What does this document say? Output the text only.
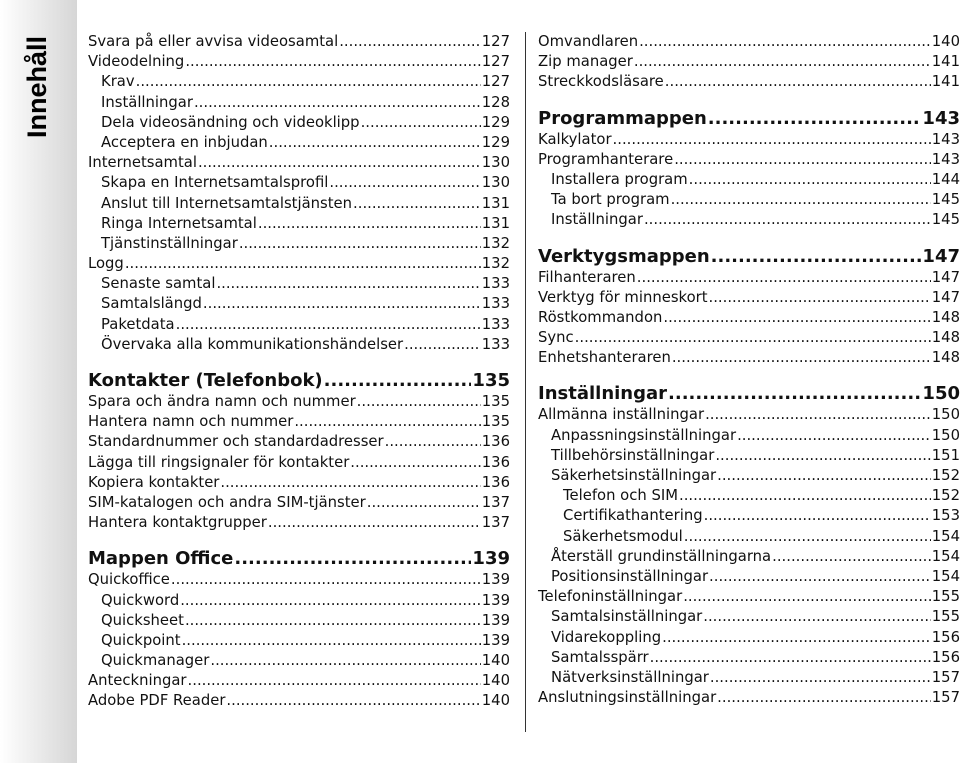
Innehåll Svara på eller avvisa videosamtal .....	127
Videodelning .....	127
Krav .....	127
Inställningar .....	128
Dela videosändning och videoklipp .....	129
Acceptera en inbjudan .....	129
Internetsamtal .....	130
Skapa en Internetsamtalsprofil .....	130
Anslut till Internetsamtalstjänsten .....	131
Ringa Internetsamtal .....	131
Tjänstinställningar .....	132
Logg .....	132
Senaste samtal .....	133
Samtalslängd .....	133
Paketdata .....	133
Övervaka alla kommunikationshändelser .....	133
Kontakter (Telefonbok) .....	135
Spara och ändra namn och nummer .....	135
Hantera namn och nummer .....	135
Standardnummer och standardadresser .....	136
Lägga till ringsignaler för kontakter .....	136
Kopiera kontakter .....	136
SIM-katalogen och andra SIM-tjänster .....	137
Hantera kontaktgrupper .....	137
Mappen Office .....	139
Quickoffice .....	139
Quickword .....	139
Quicksheet .....	139
Quickpoint .....	139
Quickmanager .....	140
Anteckningar .....	140
Adobe PDF Reader .....	140
Omvandlaren .....	140
Zip manager .....	141
Streckkodsläsare .....	141
Programmappen .....	143
Kalkylator .....	143
Programhanterare .....	143
Installera program .....	144
Ta bort program .....	145
Inställningar .....	145
Verktygsmappen .....	147
Filhanteraren .....	147
Verktyg för minneskort .....	147
Röstkommandon .....	148
Sync .....	148
Enhetshanteraren .....	148
Inställningar .....	150
Allmänna inställningar .....	150
Anpassningsinställningar .....	150
Tillbehörsinställningar .....	151
Säkerhetsinställningar .....	152
Telefon och SIM .....	152
Certifikathantering .....	153
Säkerhetsmodul .....	154
Återställ grundinställningarna .....	154
Positionsinställningar .....	154
Telefoninställningar .....	155
Samtalsinställningar .....	155
Vidarekoppling .....	156
Samtalsspärr .....	156
Nätverksinställningar .....	157
Anslutningsinställningar .....	157
